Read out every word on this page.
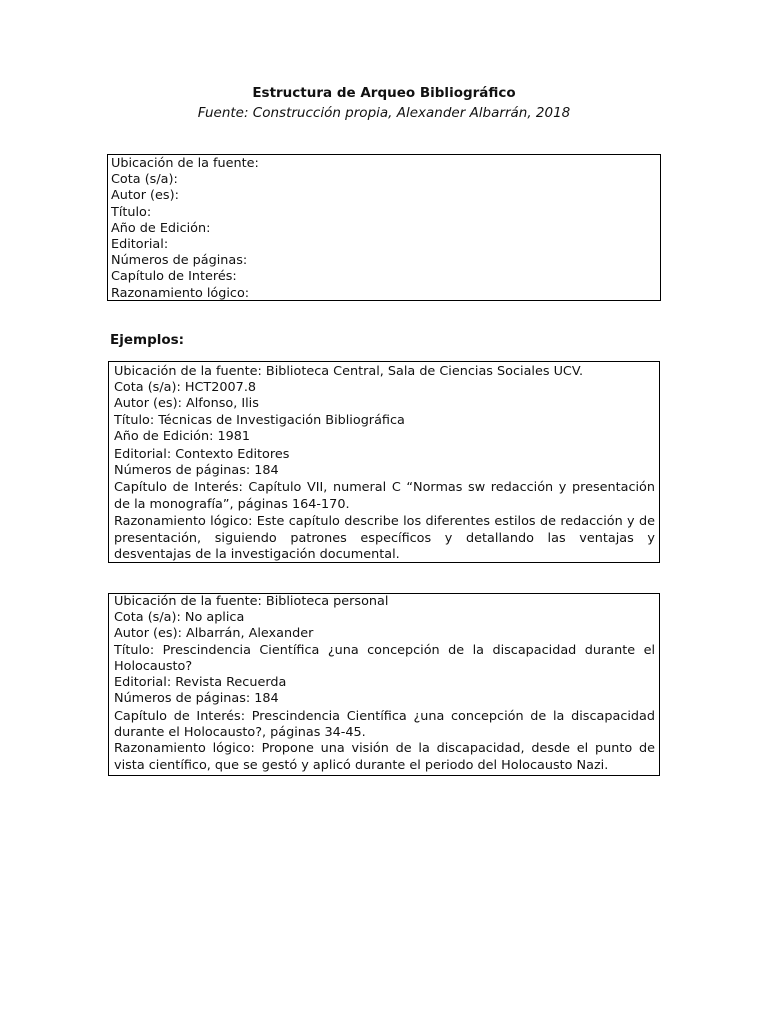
Estructura de Arqueo Bibliográfico

Fuente: Construcción propia, Alexander Albarrán, 2018

Ubicación de la fuente:
Cota (s/a):
Autor (es):
Título:
Año de Edición:
Editorial:
Números de páginas:
Capítulo de Interés:
Razonamiento lógico:

Ejemplos:

Ubicación de la fuente: Biblioteca Central, Sala de Ciencias Sociales UCV.
Cota (s/a): HCT2007.8
Autor (es): Alfonso, Ilis
Título: Técnicas de Investigación Bibliográfica
Año de Edición: 1981
Editorial: Contexto Editores
Números de páginas: 184
Capítulo de Interés: Capítulo VII, numeral C “Normas sw redacción y presentación de la monografía”, páginas 164-170.
Razonamiento lógico: Este capítulo describe los diferentes estilos de redacción y de presentación, siguiendo patrones específicos y detallando las ventajas y desventajas de la investigación documental.
Ubicación de la fuente: Biblioteca personal
Cota (s/a): No aplica
Autor (es): Albarrán, Alexander
Título: Prescindencia Científica ¿una concepción de la discapacidad durante el Holocausto?
Editorial: Revista Recuerda
Números de páginas: 184
Capítulo de Interés: Prescindencia Científica ¿una concepción de la discapacidad durante el Holocausto?, páginas 34-45.
Razonamiento lógico: Propone una visión de la discapacidad, desde el punto de vista científico, que se gestó y aplicó durante el periodo del Holocausto Nazi.
